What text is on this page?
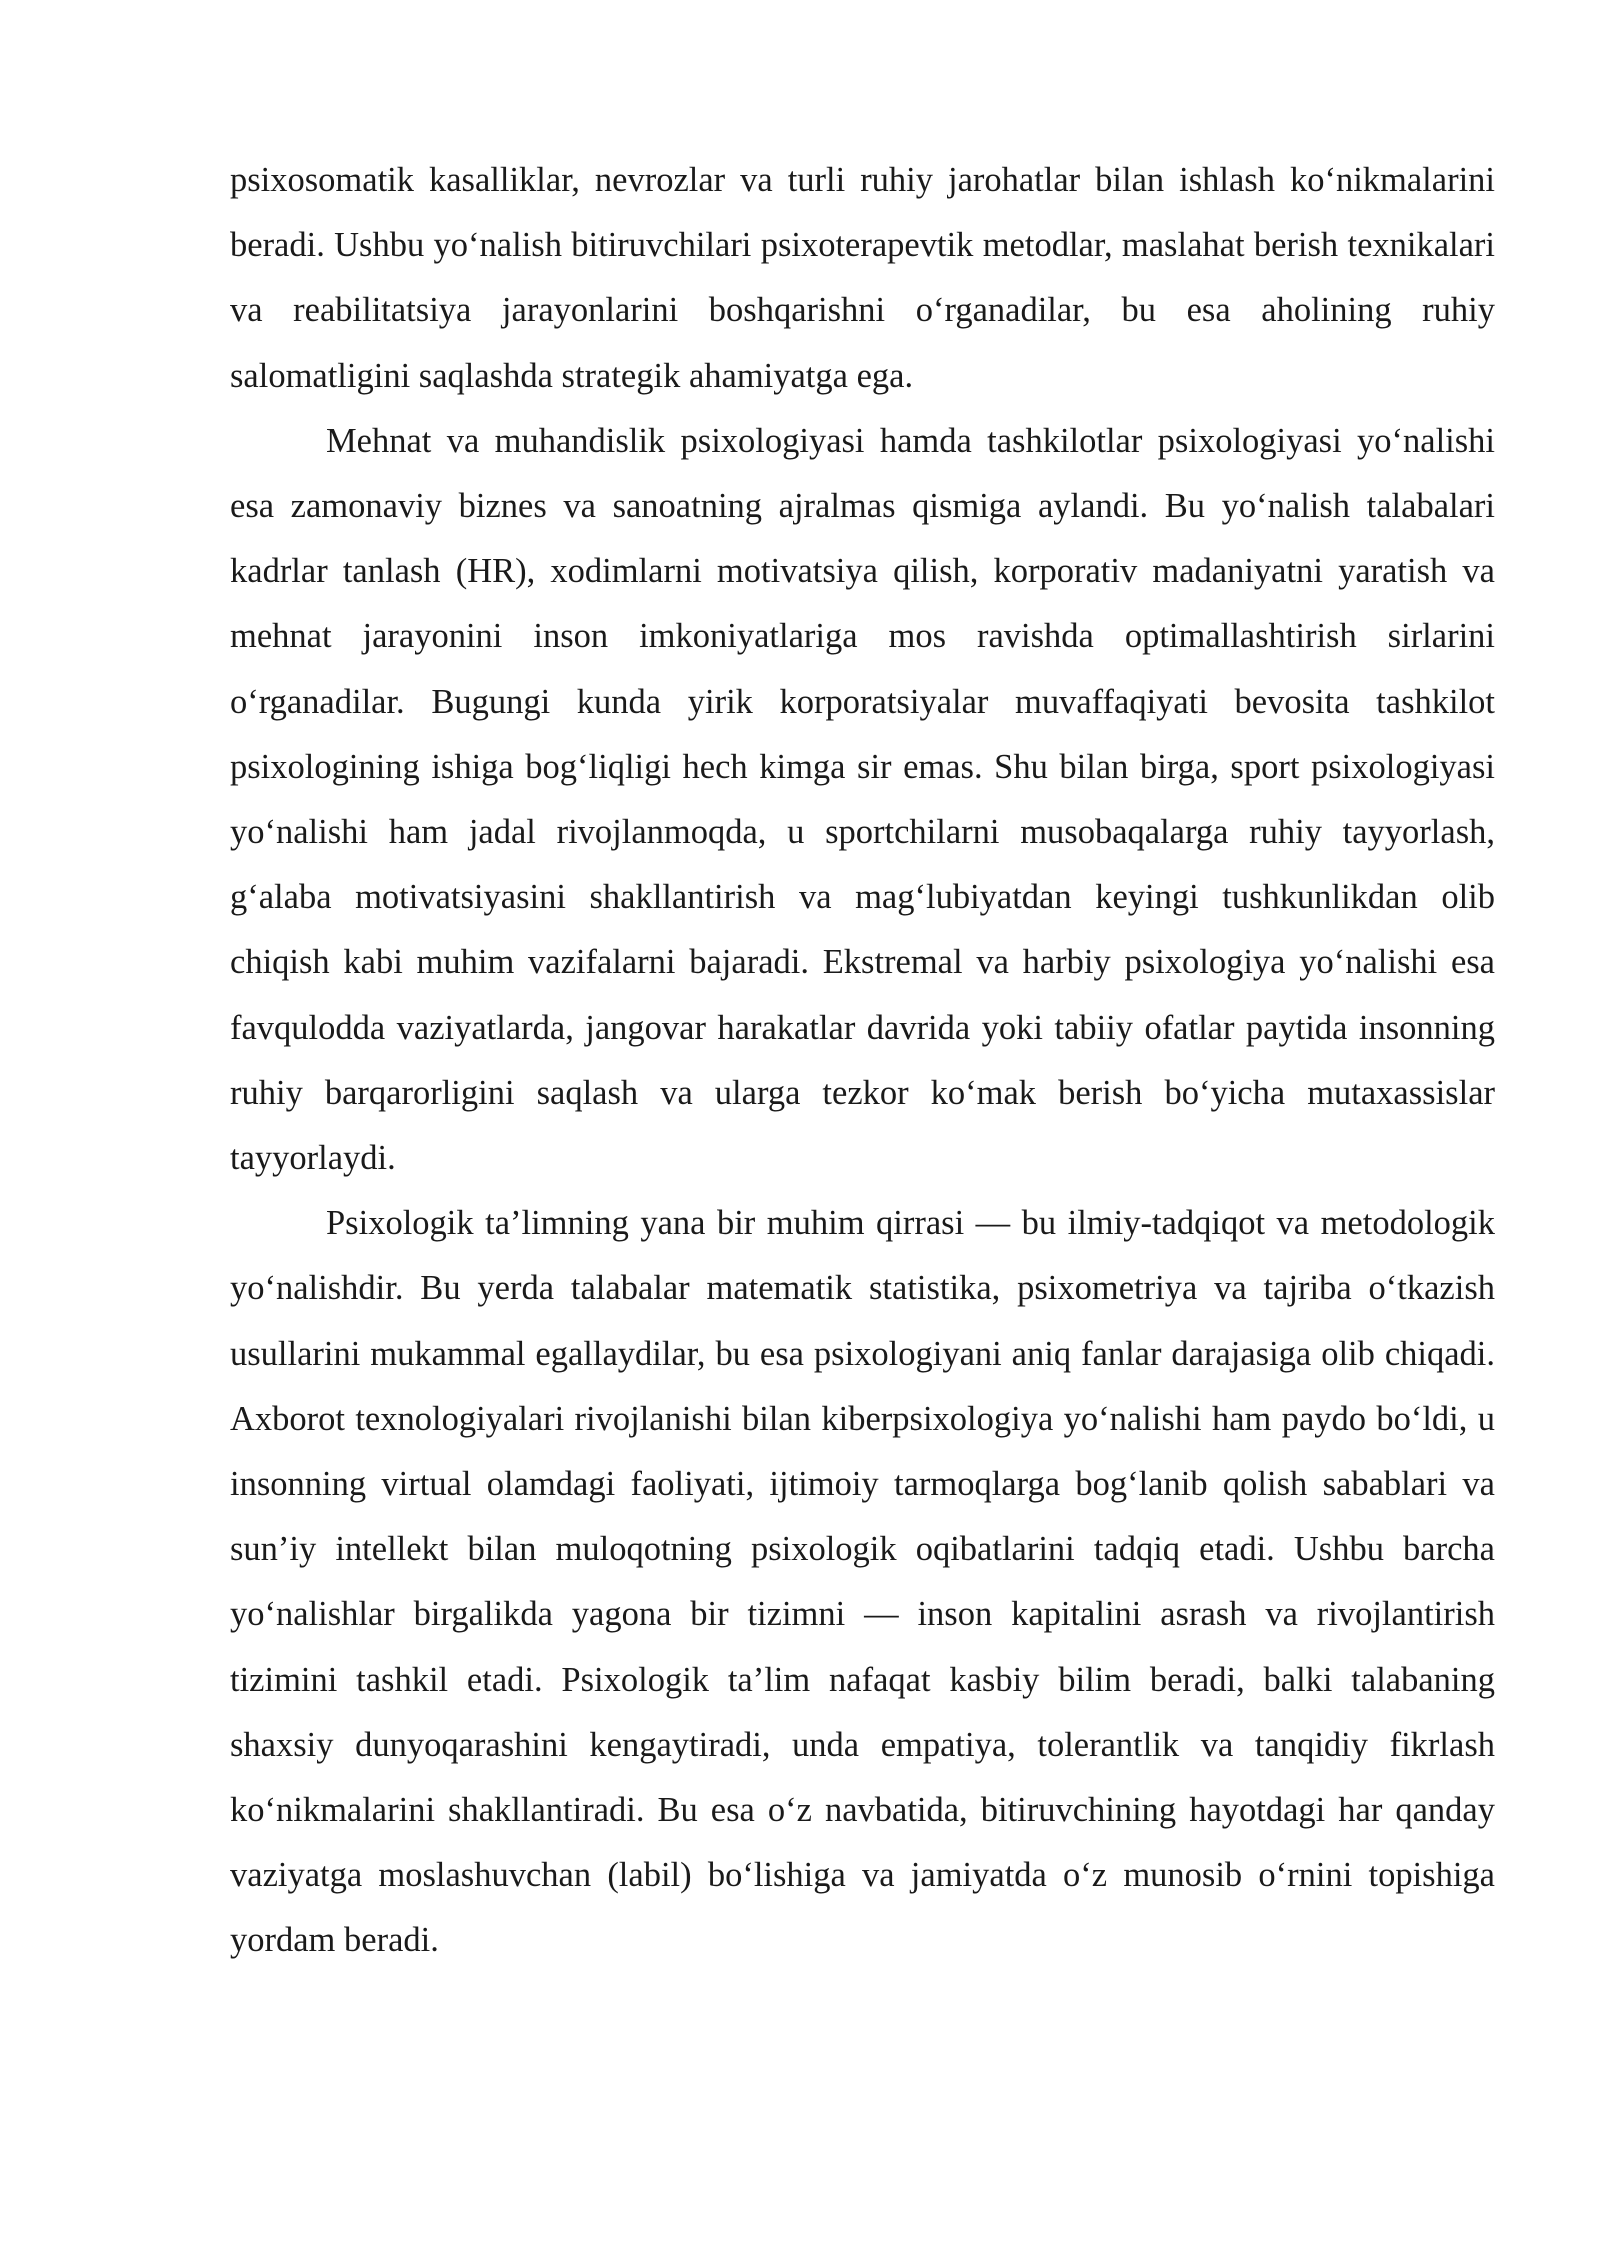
psixosomatik kasalliklar, nevrozlar va turli ruhiy jarohatlar bilan ishlash ko‘nikmalarini beradi. Ushbu yo‘nalish bitiruvchilari psixoterapevtik metodlar, maslahat berish texnikalari va reabilitatsiya jarayonlarini boshqarishni o‘rganadilar, bu esa aholining ruhiy salomatligini saqlashda strategik ahamiyatga ega.

Mehnat va muhandislik psixologiyasi hamda tashkilotlar psixologiyasi yo‘nalishi esa zamonaviy biznes va sanoatning ajralmas qismiga aylandi. Bu yo‘nalish talabalari kadrlar tanlash (HR), xodimlarni motivatsiya qilish, korporativ madaniyatni yaratish va mehnat jarayonini inson imkoniyatlariga mos ravishda optimallashtirish sirlarini o‘rganadilar. Bugungi kunda yirik korporatsiyalar muvaffaqiyati bevosita tashkilot psixologining ishiga bog‘liqligi hech kimga sir emas. Shu bilan birga, sport psixologiyasi yo‘nalishi ham jadal rivojlanmoqda, u sportchilarni musobaqalarga ruhiy tayyorlash, g‘alaba motivatsiyasini shakllantirish va mag‘lubiyatdan keyingi tushkunlikdan olib chiqish kabi muhim vazifalarni bajaradi. Ekstremal va harbiy psixologiya yo‘nalishi esa favqulodda vaziyatlarda, jangovar harakatlar davrida yoki tabiiy ofatlar paytida insonning ruhiy barqarorligini saqlash va ularga tezkor ko‘mak berish bo‘yicha mutaxassislar tayyorlaydi.

Psixologik ta’limning yana bir muhim qirrasi — bu ilmiy-tadqiqot va metodologik yo‘nalishdir. Bu yerda talabalar matematik statistika, psixometriya va tajriba o‘tkazish usullarini mukammal egallaydilar, bu esa psixologiyani aniq fanlar darajasiga olib chiqadi. Axborot texnologiyalari rivojlanishi bilan kiberpsixologiya yo‘nalishi ham paydo bo‘ldi, u insonning virtual olamdagi faoliyati, ijtimoiy tarmoqlarga bog‘lanib qolish sabablari va sun’iy intellekt bilan muloqotning psixologik oqibatlarini tadqiq etadi. Ushbu barcha yo‘nalishlar birgalikda yagona bir tizimni — inson kapitalini asrash va rivojlantirish tizimini tashkil etadi. Psixologik ta’lim nafaqat kasbiy bilim beradi, balki talabaning shaxsiy dunyoqarashini kengaytiradi, unda empatiya, tolerantlik va tanqidiy fikrlash ko‘nikmalarini shakllantiradi. Bu esa o‘z navbatida, bitiruvchining hayotdagi har qanday vaziyatga moslashuvchan (labil) bo‘lishiga va jamiyatda o‘z munosib o‘rnini topishiga yordam beradi.
